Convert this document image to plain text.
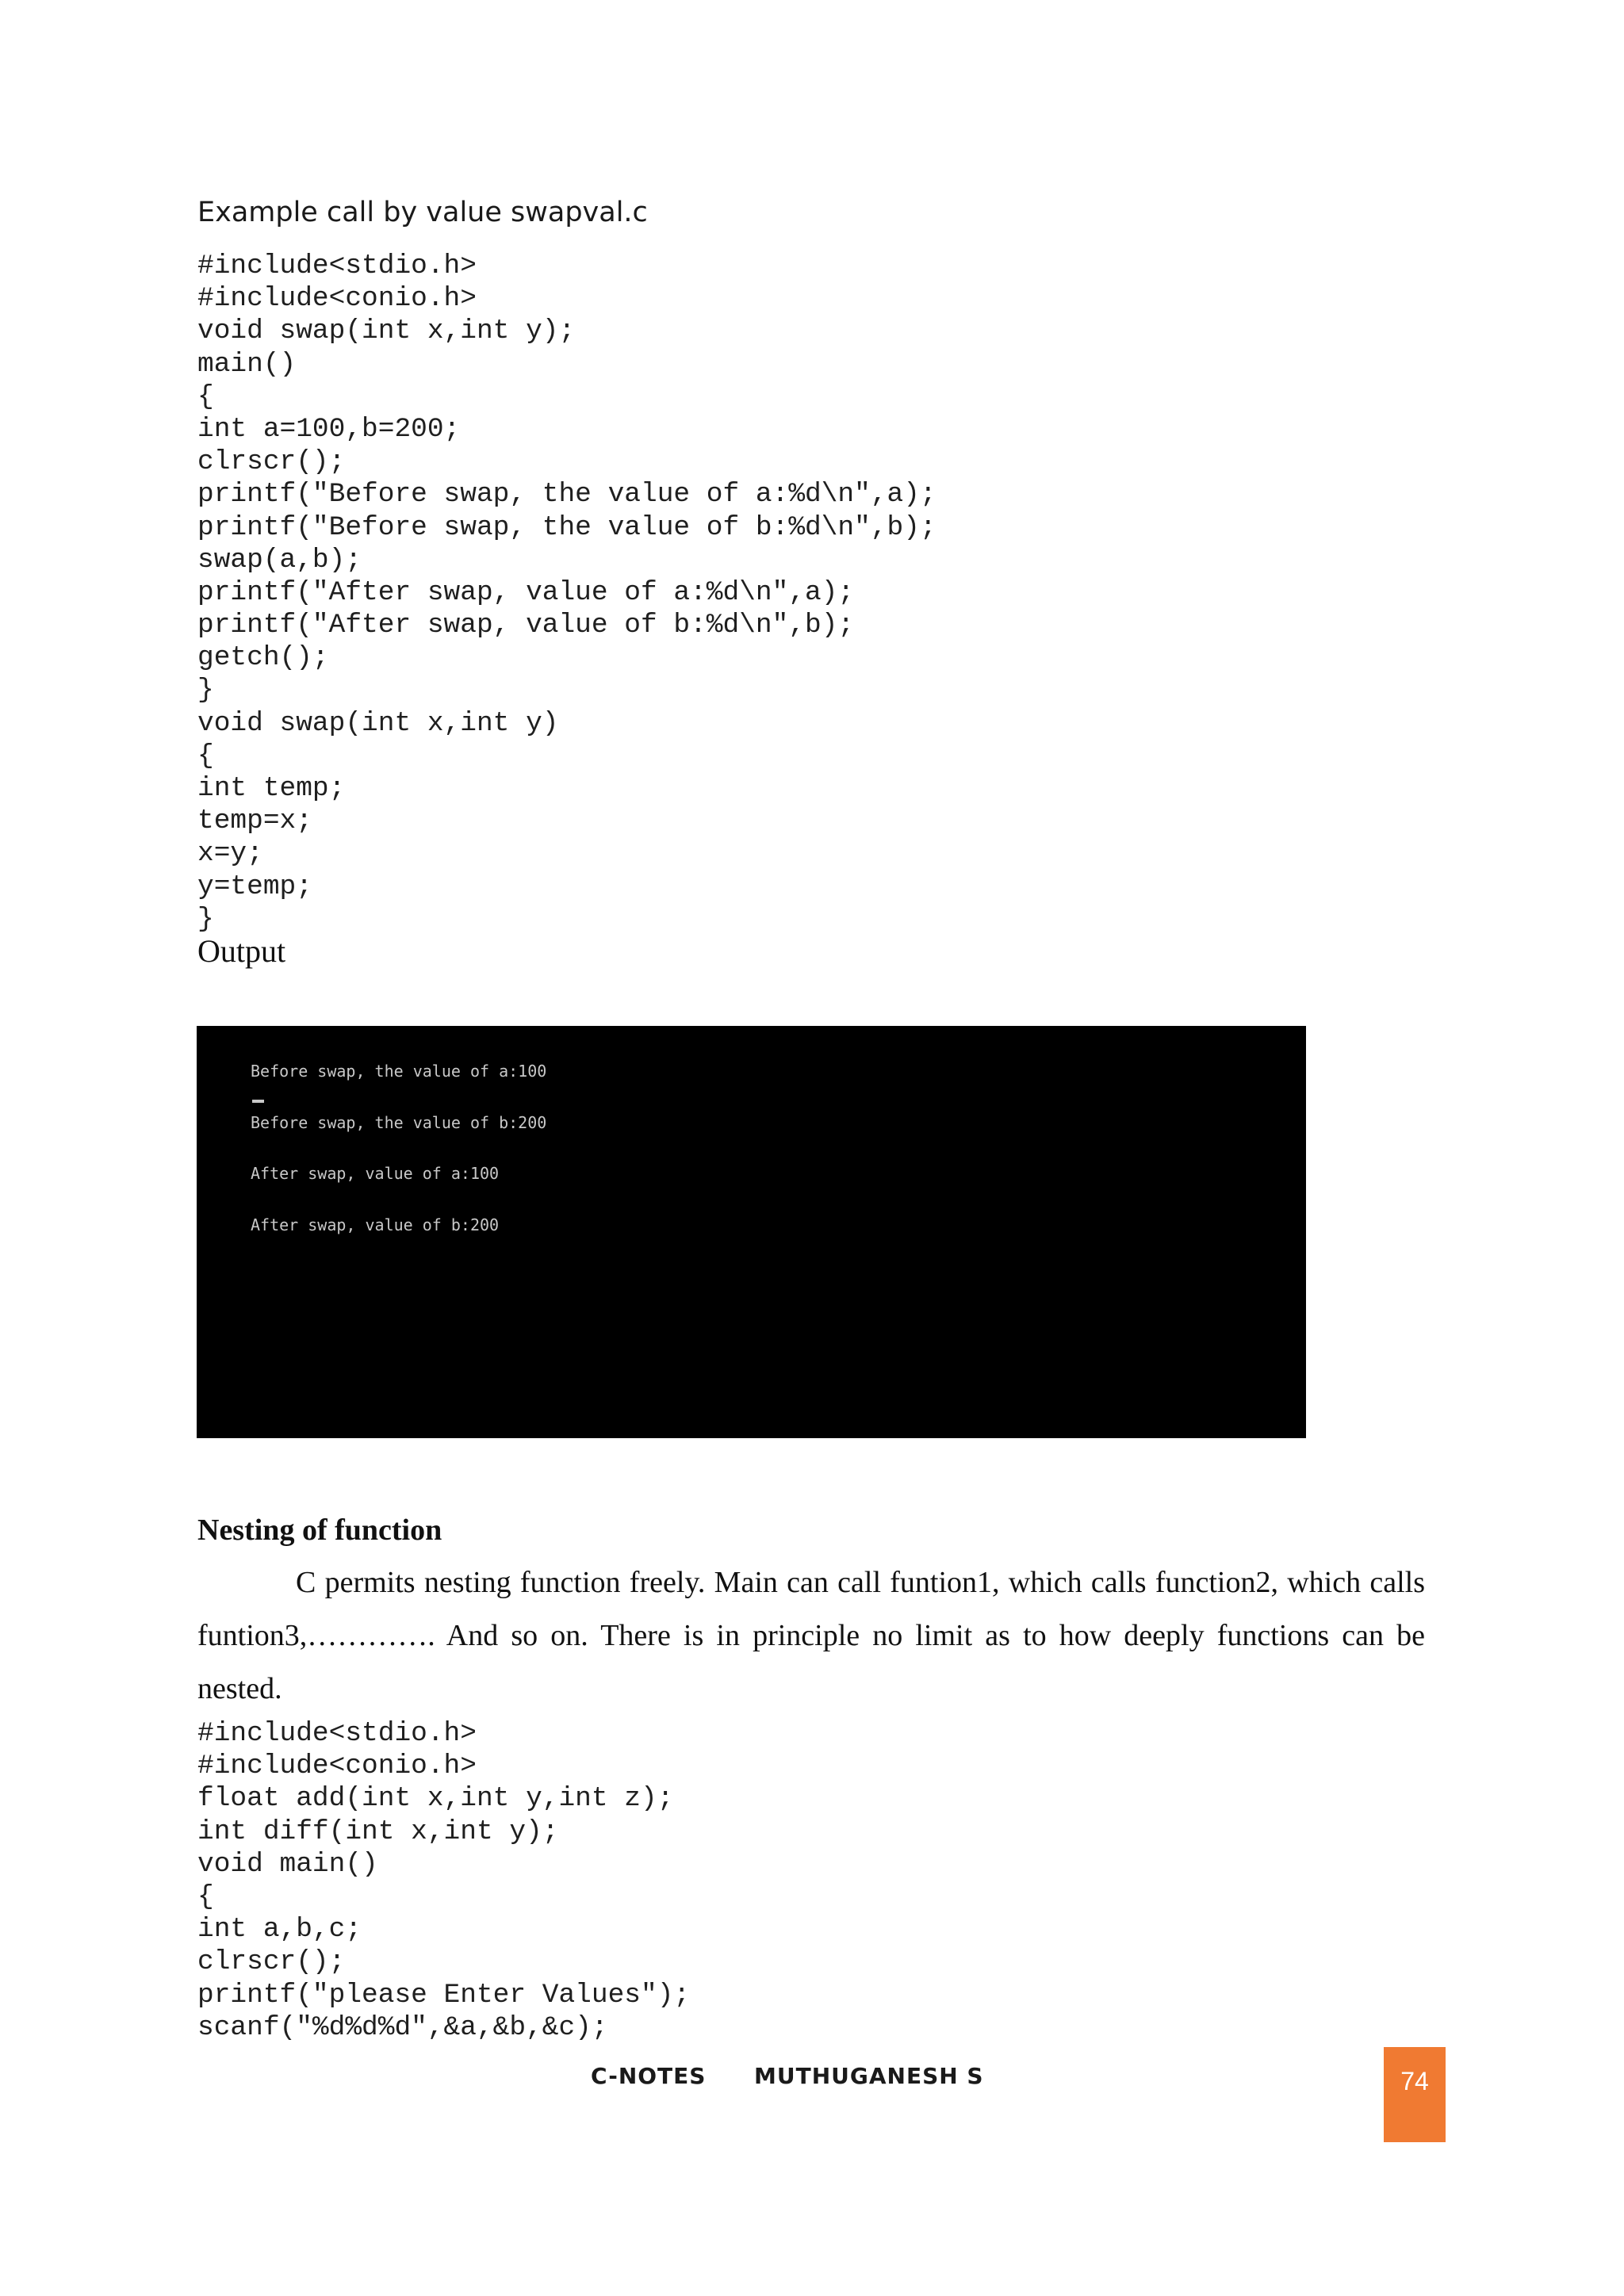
Example call by value swapval.c
#include<stdio.h>
#include<conio.h>
void swap(int x,int y);
main()
{
int a=100,b=200;
clrscr();
printf("Before swap, the value of a:%d\n",a);
printf("Before swap, the value of b:%d\n",b);
swap(a,b);
printf("After swap, value of a:%d\n",a);
printf("After swap, value of b:%d\n",b);
getch();
}
void swap(int x,int y)
{
int temp;
temp=x;
x=y;
y=temp;
}
Output

Before swap, the value of a:100

Before swap, the value of b:200

After swap, value of a:100

After swap, value of b:200

Nesting of function
C permits nesting function freely. Main can call funtion1, which calls function2, which calls
funtion3,…………. And so on. There is in principle no limit as to how deeply functions can be
nested.
#include<stdio.h>
#include<conio.h>
float add(int x,int y,int z);
int diff(int x,int y);
void main()
{
int a,b,c;
clrscr();
printf("please Enter Values");
scanf("%d%d%d",&a,&b,&c);
C-NOTES MUTHUGANESH S	74
